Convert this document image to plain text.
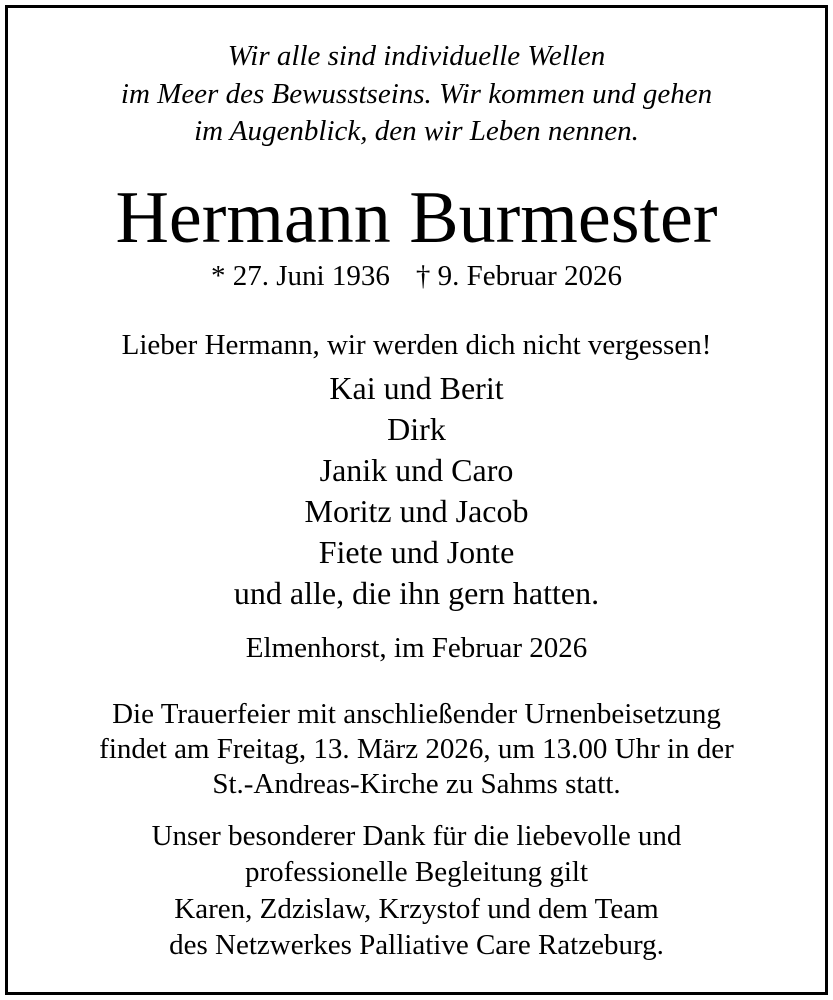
Wir alle sind individuelle Wellen
im Meer des Bewusstseins. Wir kommen und gehen
im Augenblick, den wir Leben nennen.
Hermann Burmester
* 27. Juni 1936 † 9. Februar 2026
Lieber Hermann, wir werden dich nicht vergessen!
Kai und Berit
Dirk
Janik und Caro
Moritz und Jacob
Fiete und Jonte
und alle, die ihn gern hatten.
Elmenhorst, im Februar 2026
Die Trauerfeier mit anschließender Urnenbeisetzung
findet am Freitag, 13. März 2026, um 13.00 Uhr in der
St.-Andreas-Kirche zu Sahms statt.
Unser besonderer Dank für die liebevolle und
professionelle Begleitung gilt
Karen, Zdzislaw, Krzystof und dem Team
des Netzwerkes Palliative Care Ratzeburg.
